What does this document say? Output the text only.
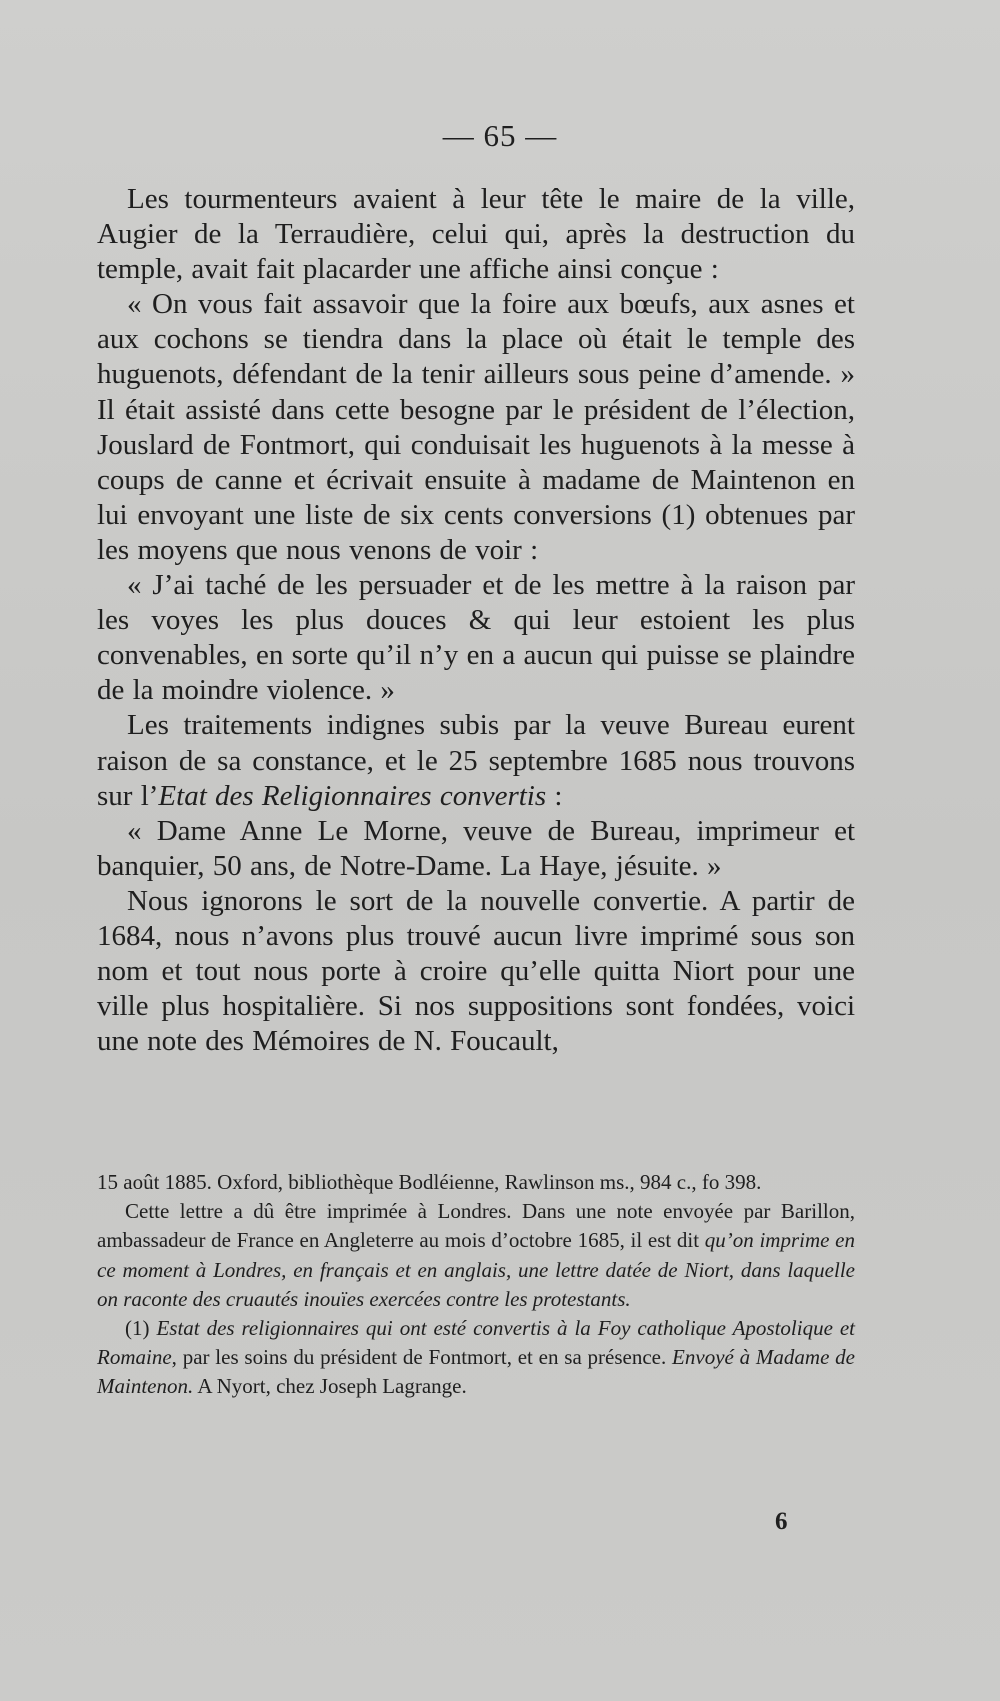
— 65 —

Les tourmenteurs avaient à leur tête le maire de la ville, Augier de la Terraudière, celui qui, après la destruction du temple, avait fait placarder une affiche ainsi conçue :

« On vous fait assavoir que la foire aux bœufs, aux asnes et aux cochons se tiendra dans la place où était le temple des huguenots, défendant de la tenir ailleurs sous peine d’amende. » Il était assisté dans cette besogne par le président de l’élection, Jouslard de Fontmort, qui conduisait les huguenots à la messe à coups de canne et écrivait ensuite à madame de Maintenon en lui envoyant une liste de six cents conversions (1) obtenues par les moyens que nous venons de voir :

« J’ai taché de les persuader et de les mettre à la raison par les voyes les plus douces & qui leur estoient les plus convenables, en sorte qu’il n’y en a aucun qui puisse se plaindre de la moindre violence. »

Les traitements indignes subis par la veuve Bureau eurent raison de sa constance, et le 25 septembre 1685 nous trouvons sur l’Etat des Religionnaires convertis :

« Dame Anne Le Morne, veuve de Bureau, imprimeur et banquier, 50 ans, de Notre-Dame. La Haye, jésuite. »

Nous ignorons le sort de la nouvelle convertie. A partir de 1684, nous n’avons plus trouvé aucun livre imprimé sous son nom et tout nous porte à croire qu’elle quitta Niort pour une ville plus hospitalière. Si nos suppositions sont fondées, voici une note des Mémoires de N. Foucault,

15 août 1885. Oxford, bibliothèque Bodléienne, Rawlinson ms., 984 c., fo 398.

Cette lettre a dû être imprimée à Londres. Dans une note envoyée par Barillon, ambassadeur de France en Angleterre au mois d’octobre 1685, il est dit qu’on imprime en ce moment à Londres, en français et en anglais, une lettre datée de Niort, dans laquelle on raconte des cruautés inouïes exercées contre les protestants.

(1) Estat des religionnaires qui ont esté convertis à la Foy catholique Apostolique et Romaine, par les soins du président de Fontmort, et en sa présence. Envoyé à Madame de Maintenon. A Nyort, chez Joseph Lagrange.

6
